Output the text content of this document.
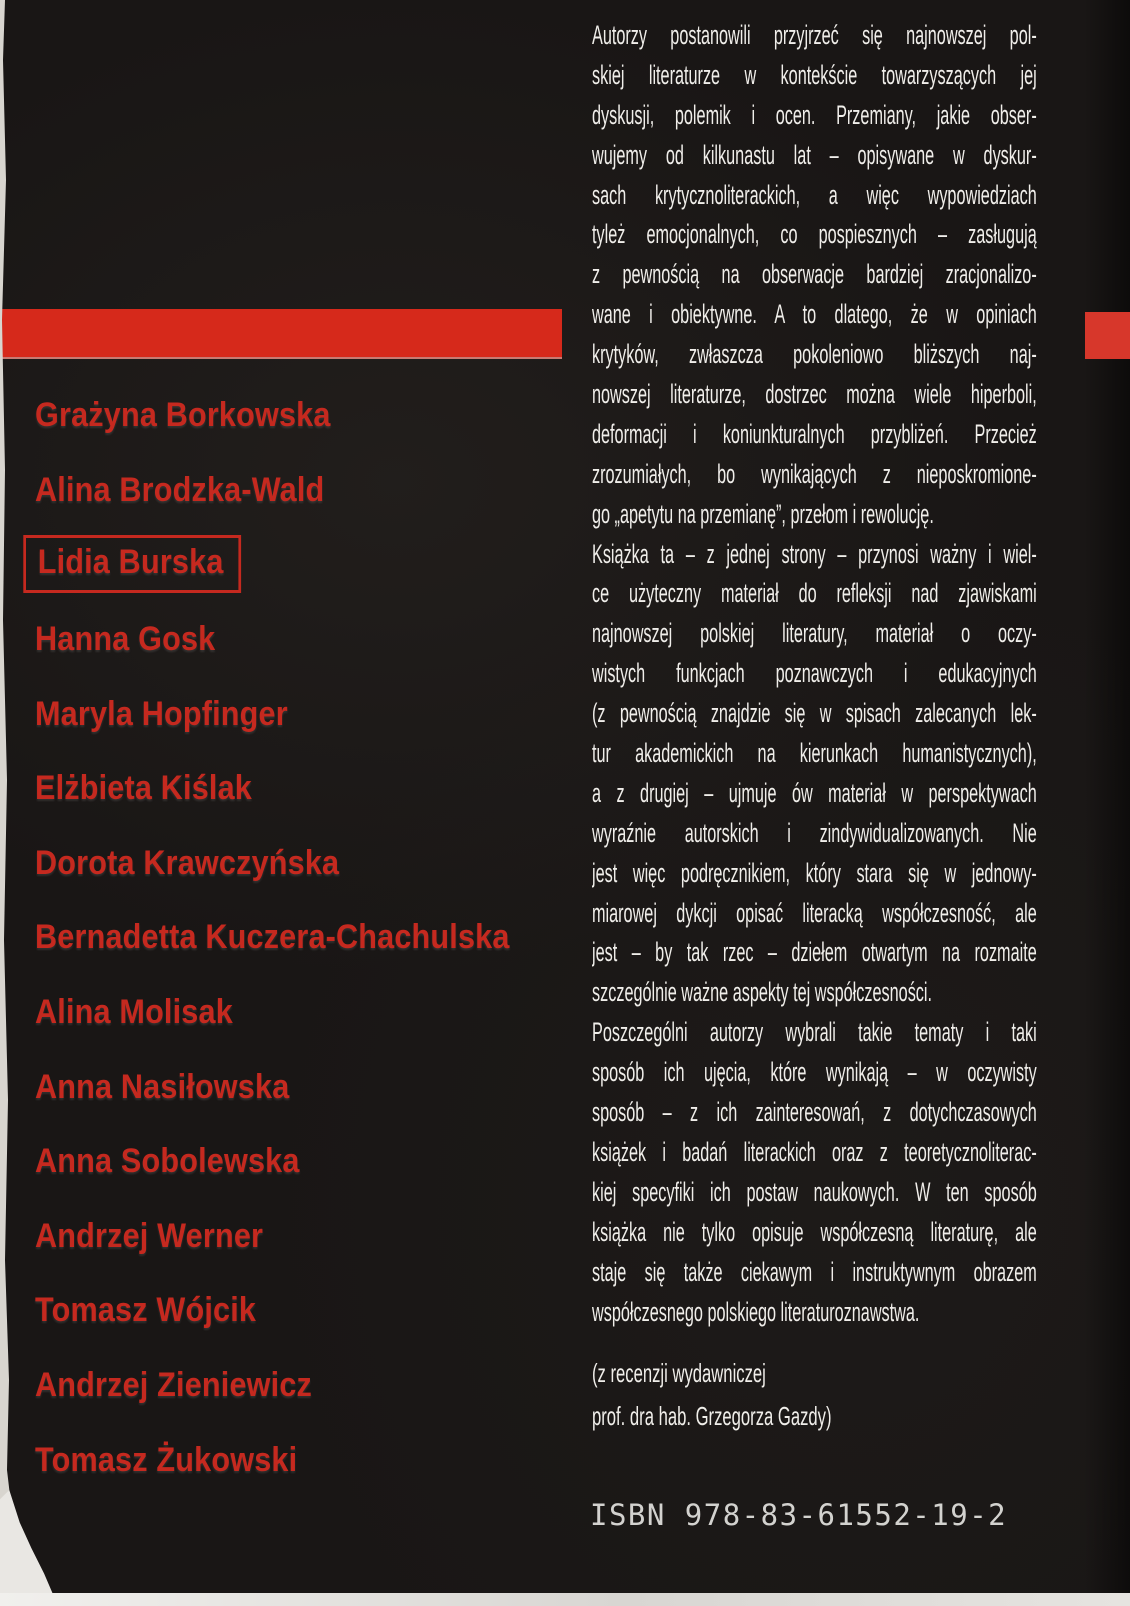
Grażyna Borkowska
Alina Brodzka-Wald
Lidia Burska
Hanna Gosk
Maryla Hopfinger
Elżbieta Kiślak
Dorota Krawczyńska
Bernadetta Kuczera-Chachulska
Alina Molisak
Anna Nasiłowska
Anna Sobolewska
Andrzej Werner
Tomasz Wójcik
Andrzej Zieniewicz
Tomasz Żukowski
Autorzy postanowili przyjrzeć się najnowszej pol-
skiej literaturze w kontekście towarzyszących jej
dyskusji, polemik i ocen. Przemiany, jakie obser-
wujemy od kilkunastu lat – opisywane w dyskur-
sach krytycznoliterackich, a więc wypowiedziach
tyleż emocjonalnych, co pospiesznych – zasługują
z pewnością na obserwacje bardziej zracjonalizo-
wane i obiektywne. A to dlatego, że w opiniach
krytyków, zwłaszcza pokoleniowo bliższych naj-
nowszej literaturze, dostrzec można wiele hiperboli,
deformacji i koniunkturalnych przybliżeń. Przecież
zrozumiałych, bo wynikających z nieposkromione-
go „apetytu na przemianę”, przełom i rewolucję.
Książka ta – z jednej strony – przynosi ważny i wiel-
ce użyteczny materiał do refleksji nad zjawiskami
najnowszej polskiej literatury, materiał o oczy-
wistych funkcjach poznawczych i edukacyjnych
(z pewnością znajdzie się w spisach zalecanych lek-
tur akademickich na kierunkach humanistycznych),
a z drugiej – ujmuje ów materiał w perspektywach
wyraźnie autorskich i zindywidualizowanych. Nie
jest więc podręcznikiem, który stara się w jednowy-
miarowej dykcji opisać literacką współczesność, ale
jest – by tak rzec – dziełem otwartym na rozmaite
szczególnie ważne aspekty tej współczesności.
Poszczególni autorzy wybrali takie tematy i taki
sposób ich ujęcia, które wynikają – w oczywisty
sposób – z ich zainteresowań, z dotychczasowych
książek i badań literackich oraz z teoretycznoliterac-
kiej specyfiki ich postaw naukowych. W ten sposób
książka nie tylko opisuje współczesną literaturę, ale
staje się także ciekawym i instruktywnym obrazem
współczesnego polskiego literaturoznawstwa.
(z recenzji wydawniczej
prof. dra hab. Grzegorza Gazdy)
ISBN 978-83-61552-19-2
